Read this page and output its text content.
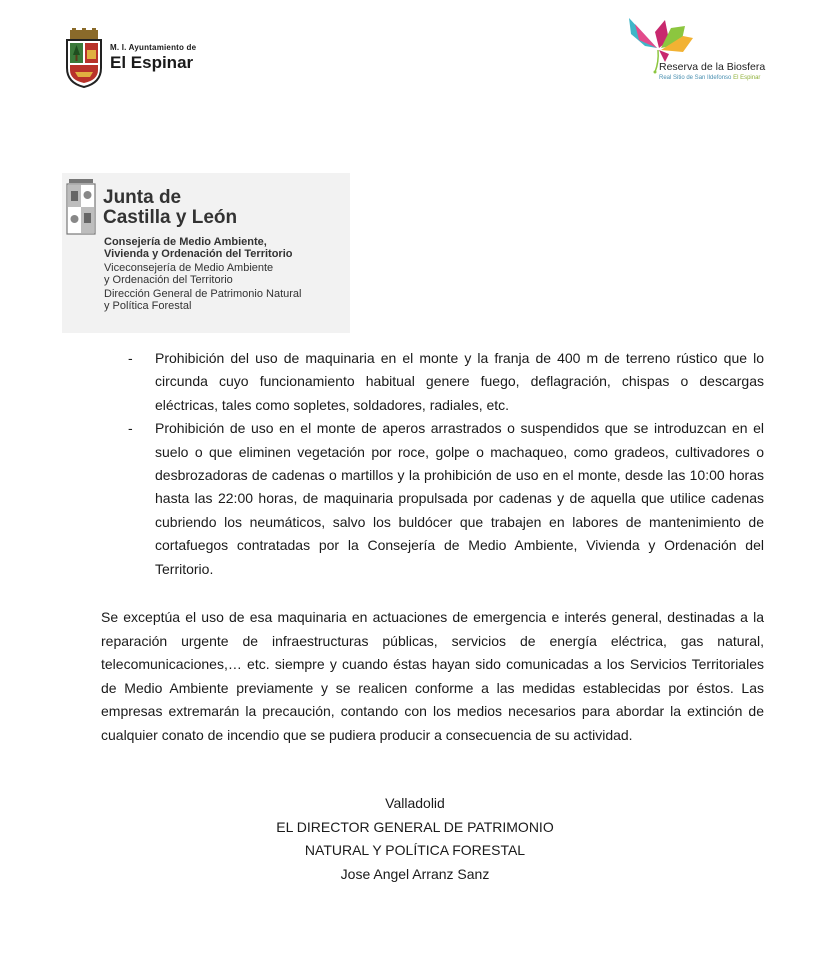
M. I. Ayuntamiento de
El Espinar	Reserva de la Biosfera
Real Sitio de San Ildefonso El Espinar
Junta de
Castilla y León
Consejería de Medio Ambiente,
Vivienda y Ordenación del Territorio
Viceconsejería de Medio Ambiente
y Ordenación del Territorio
Dirección General de Patrimonio Natural
y Política Forestal
-	Prohibición del uso de maquinaria en el monte y la franja de 400 m de terreno rústico que lo circunda cuyo funcionamiento habitual genere fuego, deflagración, chispas o descargas eléctricas, tales como sopletes, soldadores, radiales, etc.
-	Prohibición de uso en el monte de aperos arrastrados o suspendidos que se introduzcan en el suelo o que eliminen vegetación por roce, golpe o machaqueo, como gradeos, cultivadores o desbrozadoras de cadenas o martillos y la prohibición de uso en el monte, desde las 10:00 horas hasta las 22:00 horas, de maquinaria propulsada por cadenas y de aquella que utilice cadenas cubriendo los neumáticos, salvo los buldócer que trabajen en labores de mantenimiento de cortafuegos contratadas por la Consejería de Medio Ambiente, Vivienda y Ordenación del Territorio.
Se exceptúa el uso de esa maquinaria en actuaciones de emergencia e interés general, destinadas a la reparación urgente de infraestructuras públicas, servicios de energía eléctrica, gas natural, telecomunicaciones,… etc. siempre y cuando éstas hayan sido comunicadas a los Servicios Territoriales de Medio Ambiente previamente y se realicen conforme a las medidas establecidas por éstos. Las empresas extremarán la precaución, contando con los medios necesarios para abordar la extinción de cualquier conato de incendio que se pudiera producir a consecuencia de su actividad.
Valladolid
EL DIRECTOR GENERAL DE PATRIMONIO
NATURAL Y POLÍTICA FORESTAL
Jose Angel Arranz Sanz
